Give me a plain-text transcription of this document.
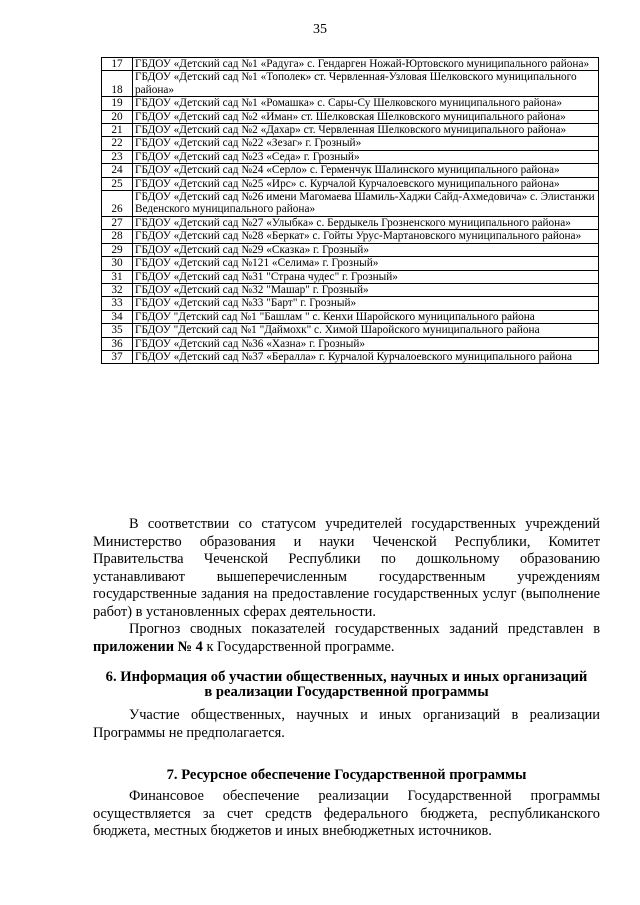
35
17	ГБДОУ «Детский сад №1 «Радуга» с. Гендарген Ножай-Юртовского муниципального района»
18	ГБДОУ «Детский сад №1 «Тополек» ст. Червленная-Узловая Шелковского муниципального района»
19	ГБДОУ «Детский сад №1 «Ромашка» с. Сары-Су Шелковского муниципального района»
20	ГБДОУ «Детский сад №2 «Иман» ст. Шелковская Шелковского муниципального района»
21	ГБДОУ «Детский сад №2 «Дахар» ст. Червленная Шелковского муниципального района»
22	ГБДОУ «Детский сад №22 «Зезаг» г. Грозный»
23	ГБДОУ «Детский сад №23 «Седа» г. Грозный»
24	ГБДОУ «Детский сад №24 «Серло» с. Герменчук Шалинского муниципального района»
25	ГБДОУ «Детский сад №25 «Ирс» с. Курчалой Курчалоевского муниципального района»
26	ГБДОУ «Детский сад №26 имени Магомаева Шамиль-Хаджи Сайд-Ахмедовича» с. Элистанжи Веденского муниципального района»
27	ГБДОУ «Детский сад №27 «Улыбка» с. Бердыкель Грозненского муниципального района»
28	ГБДОУ «Детский сад №28 «Беркат» с. Гойты Урус-Мартановского муниципального района»
29	ГБДОУ «Детский сад №29 «Сказка» г. Грозный»
30	ГБДОУ «Детский сад №121 «Селима» г. Грозный»
31	ГБДОУ «Детский сад №31 "Страна чудес" г. Грозный»
32	ГБДОУ «Детский сад №32 "Машар" г. Грозный»
33	ГБДОУ «Детский сад №33 "Барт" г. Грозный»
34	ГБДОУ "Детский сад №1 "Башлам " с. Кенхи Шаройского муниципального района
35	ГБДОУ "Детский сад №1 "Даймохк" с. Химой Шаройского муниципального района
36	ГБДОУ «Детский сад №36 «Хазна» г. Грозный»
37	ГБДОУ «Детский сад №37 «Бералла» г. Курчалой Курчалоевского муниципального района

В соответствии со статусом учредителей государственных учреждений Министерство образования и науки Чеченской Республики, Комитет Правительства Чеченской Республики по дошкольному образованию устанавливают вышеперечисленным государственным учреждениям государственные задания на предоставление государственных услуг (выполнение работ) в установленных сферах деятельности.

Прогноз сводных показателей государственных заданий представлен в приложении № 4 к Государственной программе.

6. Информация об участии общественных, научных и иных организаций
в реализации Государственной программы

Участие общественных, научных и иных организаций в реализации Программы не предполагается.

7. Ресурсное обеспечение Государственной программы

Финансовое обеспечение реализации Государственной программы осуществляется за счет средств федерального бюджета, республиканского бюджета, местных бюджетов и иных внебюджетных источников.
